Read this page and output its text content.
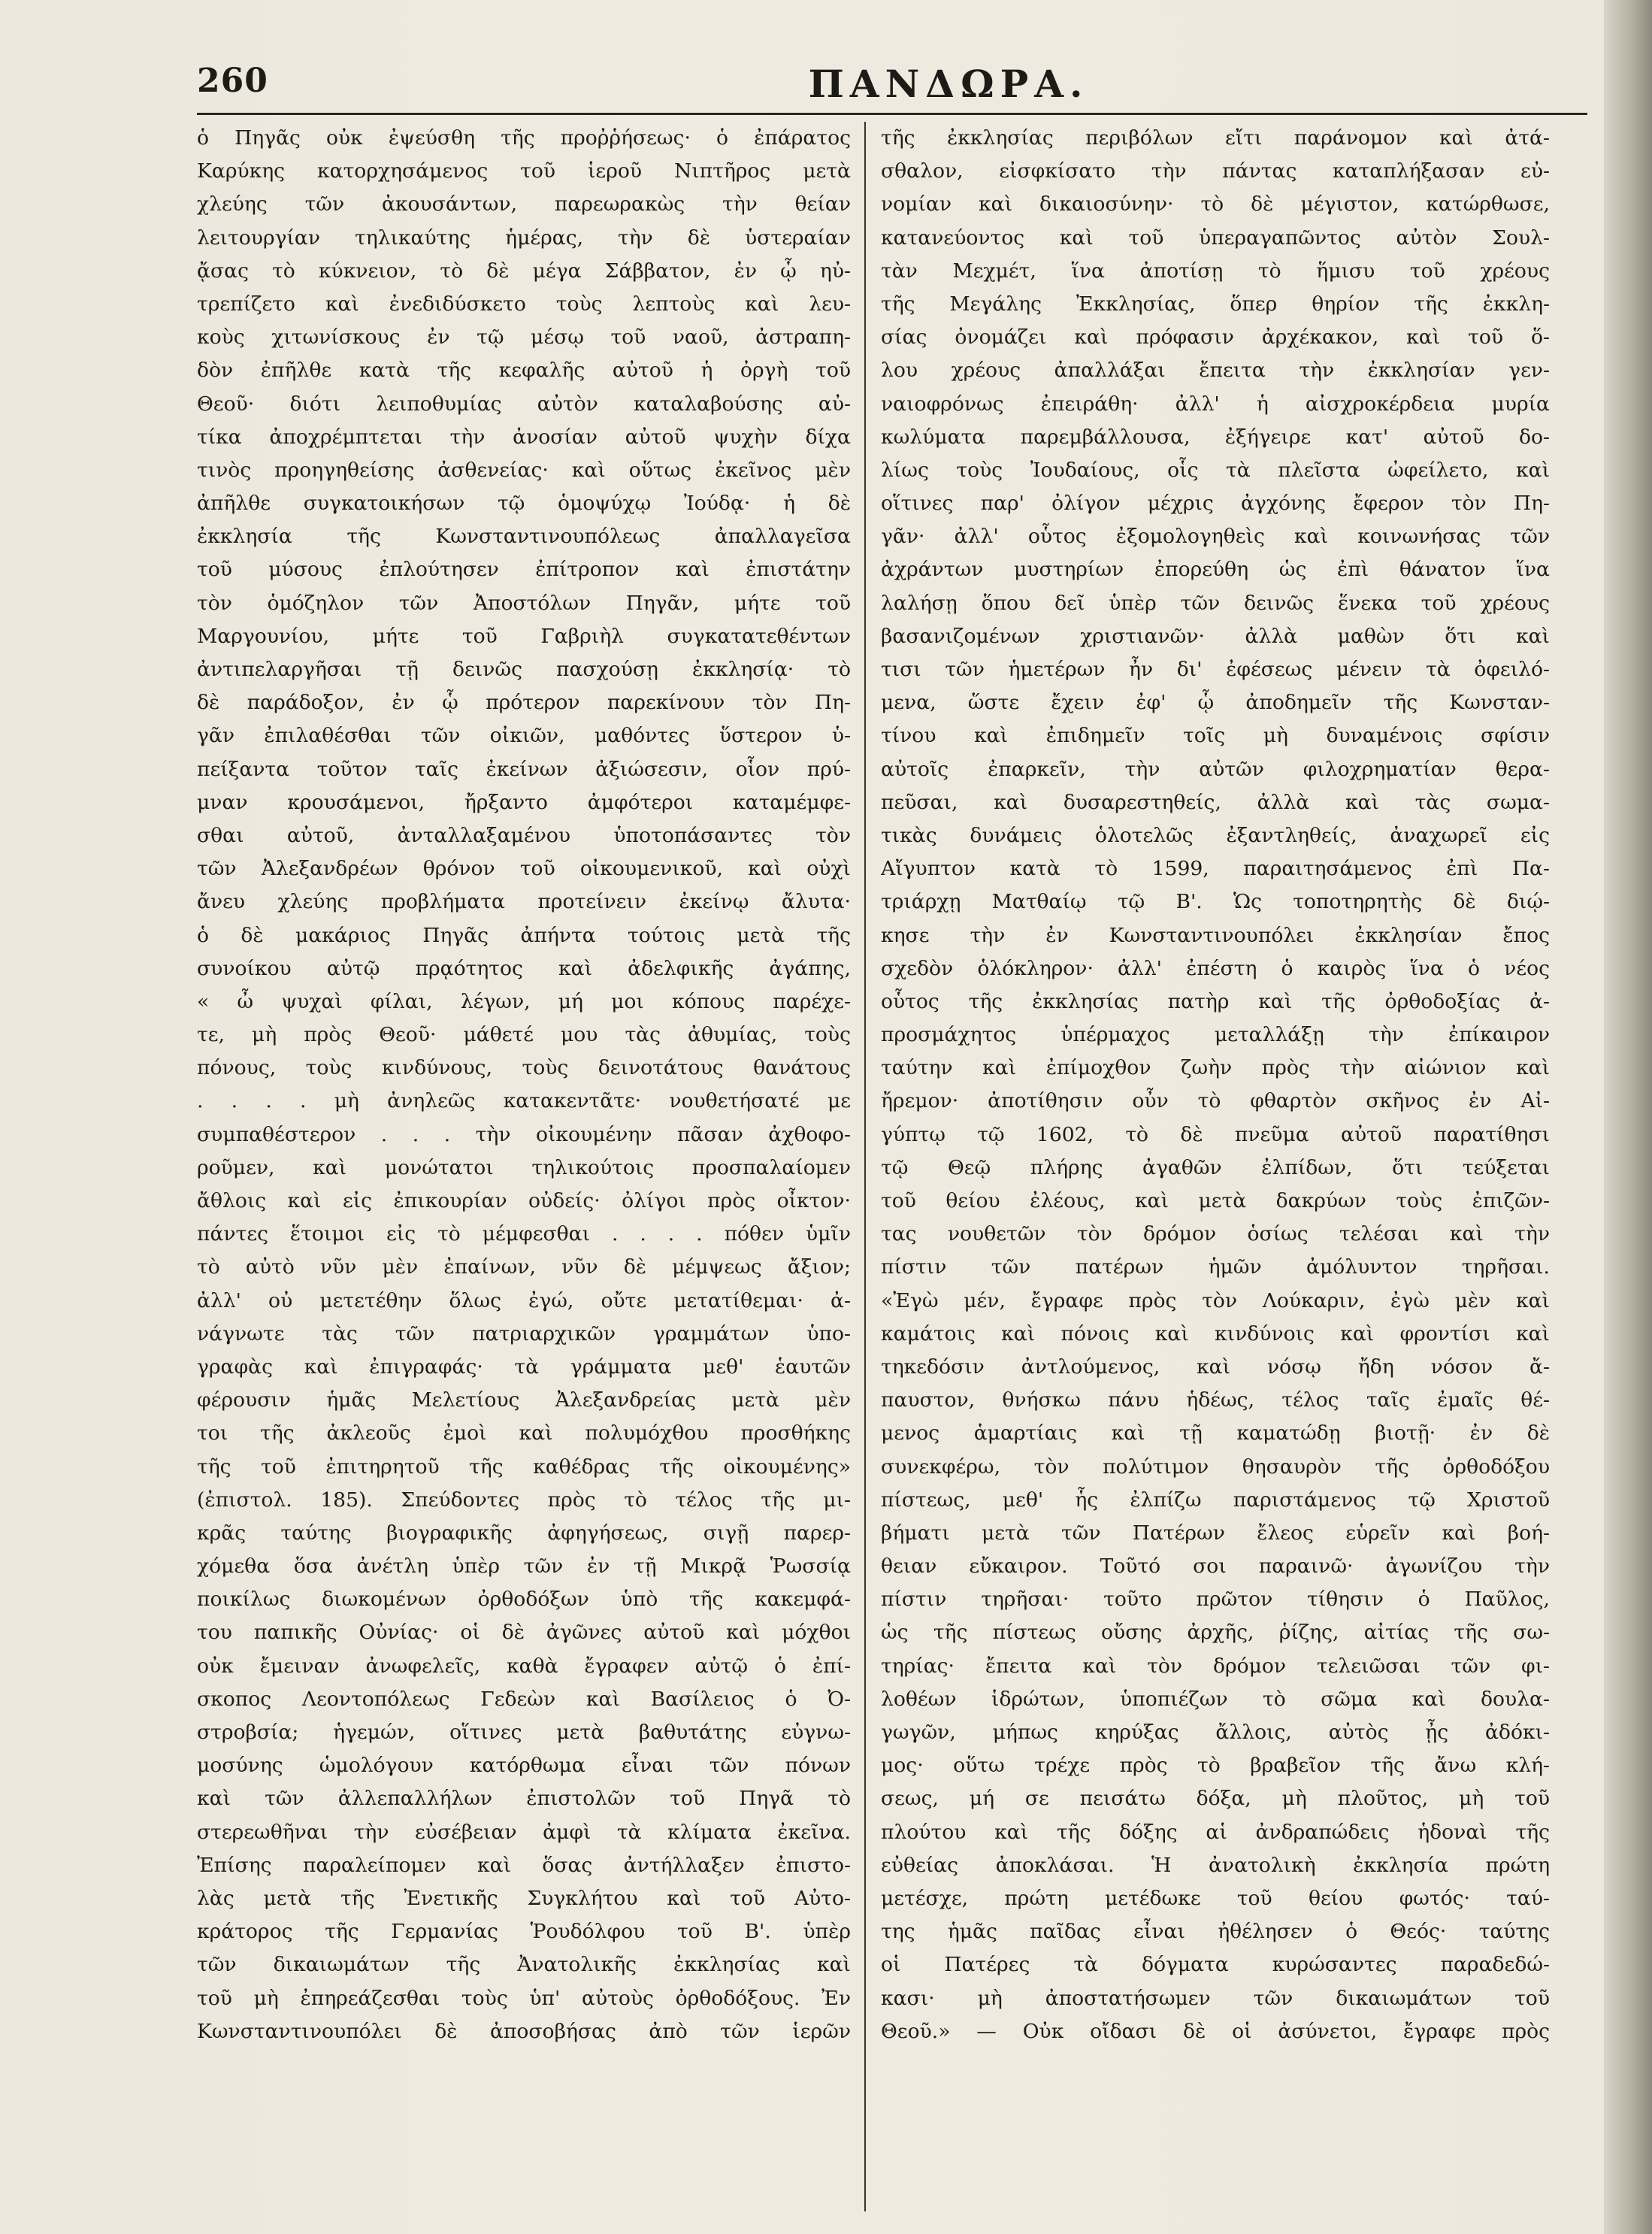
260	ΠΑΝΔΩΡΑ.
ὁ Πηγᾶς οὐκ ἐψεύσθη τῆς προῤῥήσεως· ὁ ἐπάρατος
Καρύκης κατορχησάμενος τοῦ ἱεροῦ Νιπτῆρος μετὰ
χλεύης τῶν ἀκουσάντων, παρεωρακὼς τὴν θείαν
λειτουργίαν τηλικαύτης ἡμέρας, τὴν δὲ ὑστεραίαν
ᾄσας τὸ κύκνειον, τὸ δὲ μέγα Σάββατον, ἐν ᾧ ηὐ-
τρεπίζετο καὶ ἐνεδιδύσκετο τοὺς λεπτοὺς καὶ λευ-
κοὺς χιτωνίσκους ἐν τῷ μέσῳ τοῦ ναοῦ, ἀστραπη-
δὸν ἐπῆλθε κατὰ τῆς κεφαλῆς αὐτοῦ ἡ ὀργὴ τοῦ
Θεοῦ· διότι λειποθυμίας αὐτὸν καταλαβούσης αὐ-
τίκα ἀποχρέμπτεται τὴν ἀνοσίαν αὐτοῦ ψυχὴν δίχα
τινὸς προηγηθείσης ἀσθενείας· καὶ οὕτως ἐκεῖνος μὲν
ἀπῆλθε συγκατοικήσων τῷ ὁμοψύχῳ Ἰούδᾳ· ἡ δὲ
ἐκκλησία τῆς Κωνσταντινουπόλεως ἀπαλλαγεῖσα
τοῦ μύσους ἐπλούτησεν ἐπίτροπον καὶ ἐπιστάτην
τὸν ὁμόζηλον τῶν Ἀποστόλων Πηγᾶν, μήτε τοῦ
Μαργουνίου, μήτε τοῦ Γαβριὴλ συγκατατεθέντων
ἀντιπελαργῆσαι τῇ δεινῶς πασχούσῃ ἐκκλησίᾳ· τὸ
δὲ παράδοξον, ἐν ᾧ πρότερον παρεκίνουν τὸν Πη-
γᾶν ἐπιλαθέσθαι τῶν οἰκιῶν, μαθόντες ὕστερον ὑ-
πείξαντα τοῦτον ταῖς ἐκείνων ἀξιώσεσιν, οἷον πρύ-
μναν κρουσάμενοι, ἤρξαντο ἀμφότεροι καταμέμφε-
σθαι αὐτοῦ, ἀνταλλαξαμένου ὑποτοπάσαντες τὸν
τῶν Ἀλεξανδρέων θρόνον τοῦ οἰκουμενικοῦ, καὶ οὐχὶ
ἄνευ χλεύης προβλήματα προτείνειν ἐκείνῳ ἄλυτα·
ὁ δὲ μακάριος Πηγᾶς ἀπήντα τούτοις μετὰ τῆς
συνοίκου αὐτῷ πρᾳότητος καὶ ἀδελφικῆς ἀγάπης,
« ὦ ψυχαὶ φίλαι, λέγων, μή μοι κόπους παρέχε-
τε, μὴ πρὸς Θεοῦ· μάθετέ μου τὰς ἀθυμίας, τοὺς
πόνους, τοὺς κινδύνους, τοὺς δεινοτάτους θανάτους
. . . . μὴ ἀνηλεῶς κατακεντᾶτε· νουθετήσατέ με
συμπαθέστερον . . . τὴν οἰκουμένην πᾶσαν ἀχθοφο-
ροῦμεν, καὶ μονώτατοι τηλικούτοις προσπαλαίομεν
ἄθλοις καὶ εἰς ἐπικουρίαν οὐδείς· ὀλίγοι πρὸς οἶκτον·
πάντες ἕτοιμοι εἰς τὸ μέμφεσθαι . . . . πόθεν ὑμῖν
τὸ αὐτὸ νῦν μὲν ἐπαίνων, νῦν δὲ μέμψεως ἄξιον;
ἀλλ' οὐ μετετέθην ὅλως ἐγώ, οὔτε μετατίθεμαι· ἀ-
νάγνωτε τὰς τῶν πατριαρχικῶν γραμμάτων ὑπο-
γραφὰς καὶ ἐπιγραφάς· τὰ γράμματα μεθ' ἑαυτῶν
φέρουσιν ἡμᾶς Μελετίους Ἀλεξανδρείας μετὰ μὲν
τοι τῆς ἀκλεοῦς ἐμοὶ καὶ πολυμόχθου προσθήκης
τῆς τοῦ ἐπιτηρητοῦ τῆς καθέδρας τῆς οἰκουμένης»
(ἐπιστολ. 185). Σπεύδοντες πρὸς τὸ τέλος τῆς μι-
κρᾶς ταύτης βιογραφικῆς ἀφηγήσεως, σιγῇ παρερ-
χόμεθα ὅσα ἀνέτλη ὑπὲρ τῶν ἐν τῇ Μικρᾷ Ῥωσσίᾳ
ποικίλως διωκομένων ὀρθοδόξων ὑπὸ τῆς κακεμφά-
του παπικῆς Οὐνίας· οἱ δὲ ἀγῶνες αὐτοῦ καὶ μόχθοι
οὐκ ἔμειναν ἀνωφελεῖς, καθὰ ἔγραφεν αὐτῷ ὁ ἐπί-
σκοπος Λεοντοπόλεως Γεδεὼν καὶ Βασίλειος ὁ Ὀ-
στροβσία; ἡγεμών, οἵτινες μετὰ βαθυτάτης εὐγνω-
μοσύνης ὡμολόγουν κατόρθωμα εἶναι τῶν πόνων
καὶ τῶν ἀλλεπαλλήλων ἐπιστολῶν τοῦ Πηγᾶ τὸ
στερεωθῆναι τὴν εὐσέβειαν ἀμφὶ τὰ κλίματα ἐκεῖνα.
Ἐπίσης παραλείπομεν καὶ ὅσας ἀντήλλαξεν ἐπιστο-
λὰς μετὰ τῆς Ἐνετικῆς Συγκλήτου καὶ τοῦ Αὐτο-
κράτορος τῆς Γερμανίας Ῥουδόλφου τοῦ Β'. ὑπὲρ
τῶν δικαιωμάτων τῆς Ἀνατολικῆς ἐκκλησίας καὶ
τοῦ μὴ ἐπηρεάζεσθαι τοὺς ὑπ' αὐτοὺς ὀρθοδόξους. Ἐν
Κωνσταντινουπόλει δὲ ἀποσοβήσας ἀπὸ τῶν ἱερῶν
τῆς ἐκκλησίας περιβόλων εἴτι παράνομον καὶ ἀτά-
σθαλον, εἰσφκίσατο τὴν πάντας καταπλήξασαν εὐ-
νομίαν καὶ δικαιοσύνην· τὸ δὲ μέγιστον, κατώρθωσε,
κατανεύοντος καὶ τοῦ ὑπεραγαπῶντος αὐτὸν Σουλ-
τὰν Μεχμέτ, ἵνα ἀποτίσῃ τὸ ἥμισυ τοῦ χρέους
τῆς Μεγάλης Ἐκκλησίας, ὅπερ θηρίον τῆς ἐκκλη-
σίας ὀνομάζει καὶ πρόφασιν ἀρχέκακον, καὶ τοῦ ὅ-
λου χρέους ἀπαλλάξαι ἔπειτα τὴν ἐκκλησίαν γεν-
ναιοφρόνως ἐπειράθη· ἀλλ' ἡ αἰσχροκέρδεια μυρία
κωλύματα παρεμβάλλουσα, ἐξήγειρε κατ' αὐτοῦ δο-
λίως τοὺς Ἰουδαίους, οἷς τὰ πλεῖστα ὠφείλετο, καὶ
οἵτινες παρ' ὀλίγον μέχρις ἀγχόνης ἔφερον τὸν Πη-
γᾶν· ἀλλ' οὗτος ἐξομολογηθεὶς καὶ κοινωνήσας τῶν
ἀχράντων μυστηρίων ἐπορεύθη ὡς ἐπὶ θάνατον ἵνα
λαλήσῃ ὅπου δεῖ ὑπὲρ τῶν δεινῶς ἕνεκα τοῦ χρέους
βασανιζομένων χριστιανῶν· ἀλλὰ μαθὼν ὅτι καὶ
τισι τῶν ἡμετέρων ἦν δι' ἐφέσεως μένειν τὰ ὀφειλό-
μενα, ὥστε ἔχειν ἐφ' ᾧ ἀποδημεῖν τῆς Κωνσταν-
τίνου καὶ ἐπιδημεῖν τοῖς μὴ δυναμένοις σφίσιν
αὐτοῖς ἐπαρκεῖν, τὴν αὐτῶν φιλοχρηματίαν θερα-
πεῦσαι, καὶ δυσαρεστηθείς, ἀλλὰ καὶ τὰς σωμα-
τικὰς δυνάμεις ὁλοτελῶς ἐξαντληθείς, ἀναχωρεῖ εἰς
Αἴγυπτον κατὰ τὸ 1599, παραιτησάμενος ἐπὶ Πα-
τριάρχῃ Ματθαίῳ τῷ Β'. Ὡς τοποτηρητὴς δὲ διῴ-
κησε τὴν ἐν Κωνσταντινουπόλει ἐκκλησίαν ἔπος
σχεδὸν ὁλόκληρον· ἀλλ' ἐπέστη ὁ καιρὸς ἵνα ὁ νέος
οὗτος τῆς ἐκκλησίας πατὴρ καὶ τῆς ὀρθοδοξίας ἀ-
προσμάχητος ὑπέρμαχος μεταλλάξῃ τὴν ἐπίκαιρον
ταύτην καὶ ἐπίμοχθον ζωὴν πρὸς τὴν αἰώνιον καὶ
ἤρεμον· ἀποτίθησιν οὖν τὸ φθαρτὸν σκῆνος ἐν Αἰ-
γύπτῳ τῷ 1602, τὸ δὲ πνεῦμα αὐτοῦ παρατίθησι
τῷ Θεῷ πλήρης ἀγαθῶν ἐλπίδων, ὅτι τεύξεται
τοῦ θείου ἐλέους, καὶ μετὰ δακρύων τοὺς ἐπιζῶν-
τας νουθετῶν τὸν δρόμον ὁσίως τελέσαι καὶ τὴν
πίστιν τῶν πατέρων ἡμῶν ἀμόλυντον τηρῆσαι.
«Ἐγὼ μέν, ἔγραφε πρὸς τὸν Λούκαριν, ἐγὼ μὲν καὶ
καμάτοις καὶ πόνοις καὶ κινδύνοις καὶ φροντίσι καὶ
τηκεδόσιν ἀντλούμενος, καὶ νόσῳ ἤδη νόσον ἄ-
παυστον, θνήσκω πάνυ ἡδέως, τέλος ταῖς ἐμαῖς θέ-
μενος ἁμαρτίαις καὶ τῇ καματώδῃ βιοτῇ· ἐν δὲ
συνεκφέρω, τὸν πολύτιμον θησαυρὸν τῆς ὀρθοδόξου
πίστεως, μεθ' ἧς ἐλπίζω παριστάμενος τῷ Χριστοῦ
βήματι μετὰ τῶν Πατέρων ἔλεος εὑρεῖν καὶ βοή-
θειαν εὔκαιρον. Τοῦτό σοι παραινῶ· ἀγωνίζου τὴν
πίστιν τηρῆσαι· τοῦτο πρῶτον τίθησιν ὁ Παῦλος,
ὡς τῆς πίστεως οὔσης ἀρχῆς, ῥίζης, αἰτίας τῆς σω-
τηρίας· ἔπειτα καὶ τὸν δρόμον τελειῶσαι τῶν φι-
λοθέων ἱδρώτων, ὑποπιέζων τὸ σῶμα καὶ δουλα-
γωγῶν, μήπως κηρύξας ἄλλοις, αὐτὸς ᾖς ἀδόκι-
μος· οὕτω τρέχε πρὸς τὸ βραβεῖον τῆς ἄνω κλή-
σεως, μή σε πεισάτω δόξα, μὴ πλοῦτος, μὴ τοῦ
πλούτου καὶ τῆς δόξης αἱ ἀνδραπώδεις ἡδοναὶ τῆς
εὐθείας ἀποκλάσαι. Ἡ ἀνατολικὴ ἐκκλησία πρώτη
μετέσχε, πρώτη μετέδωκε τοῦ θείου φωτός· ταύ-
της ἡμᾶς παῖδας εἶναι ἠθέλησεν ὁ Θεός· ταύτης
οἱ Πατέρες τὰ δόγματα κυρώσαντες παραδεδώ-
κασι· μὴ ἀποστατήσωμεν τῶν δικαιωμάτων τοῦ
Θεοῦ.» — Οὐκ οἴδασι δὲ οἱ ἀσύνετοι, ἔγραφε πρὸς
